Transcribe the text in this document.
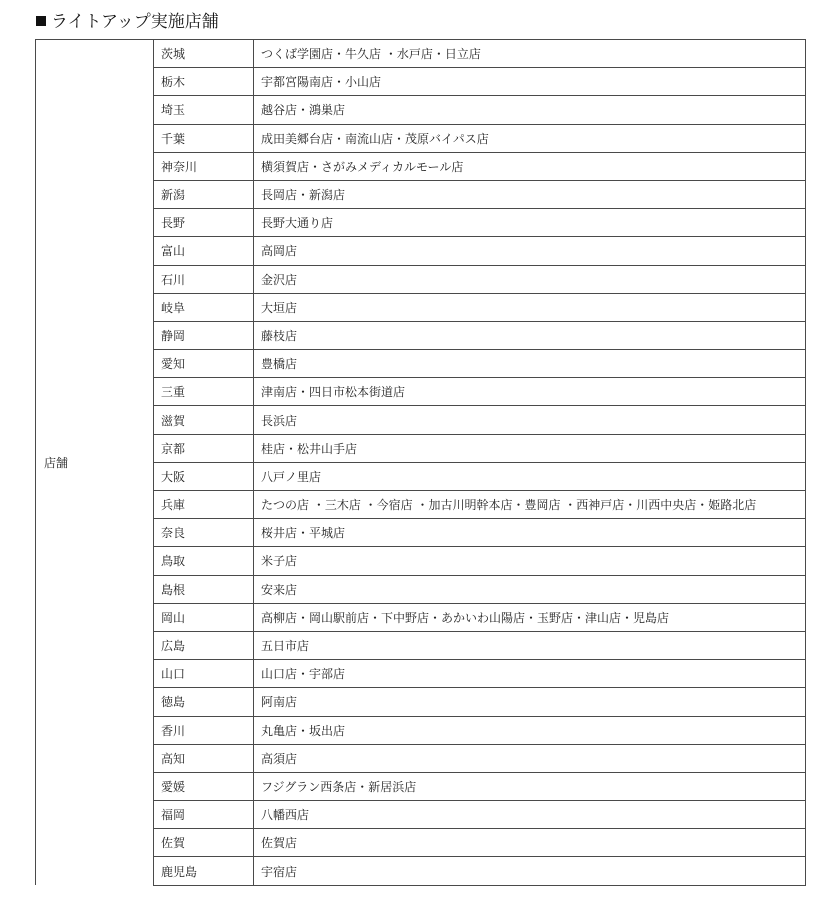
ライトアップ実施店舗
店舗	茨城	つくば学園店・牛久店 ・水戸店・日立店
	栃木	宇都宮陽南店・小山店
	埼玉	越谷店・鴻巣店
	千葉	成田美郷台店・南流山店・茂原バイパス店
	神奈川	横須賀店・さがみメディカルモール店
	新潟	長岡店・新潟店
	長野	長野大通り店
	富山	高岡店
	石川	金沢店
	岐阜	大垣店
	静岡	藤枝店
	愛知	豊橋店
	三重	津南店・四日市松本街道店
	滋賀	長浜店
	京都	桂店・松井山手店
	大阪	八戸ノ里店
	兵庫	たつの店 ・三木店 ・今宿店 ・加古川明幹本店・豊岡店 ・西神戸店・川西中央店・姫路北店
	奈良	桜井店・平城店
	鳥取	米子店
	島根	安来店
	岡山	高柳店・岡山駅前店・下中野店・あかいわ山陽店・玉野店・津山店・児島店
	広島	五日市店
	山口	山口店・宇部店
	徳島	阿南店
	香川	丸亀店・坂出店
	高知	高須店
	愛媛	フジグラン西条店・新居浜店
	福岡	八幡西店
	佐賀	佐賀店
	鹿児島	宇宿店
